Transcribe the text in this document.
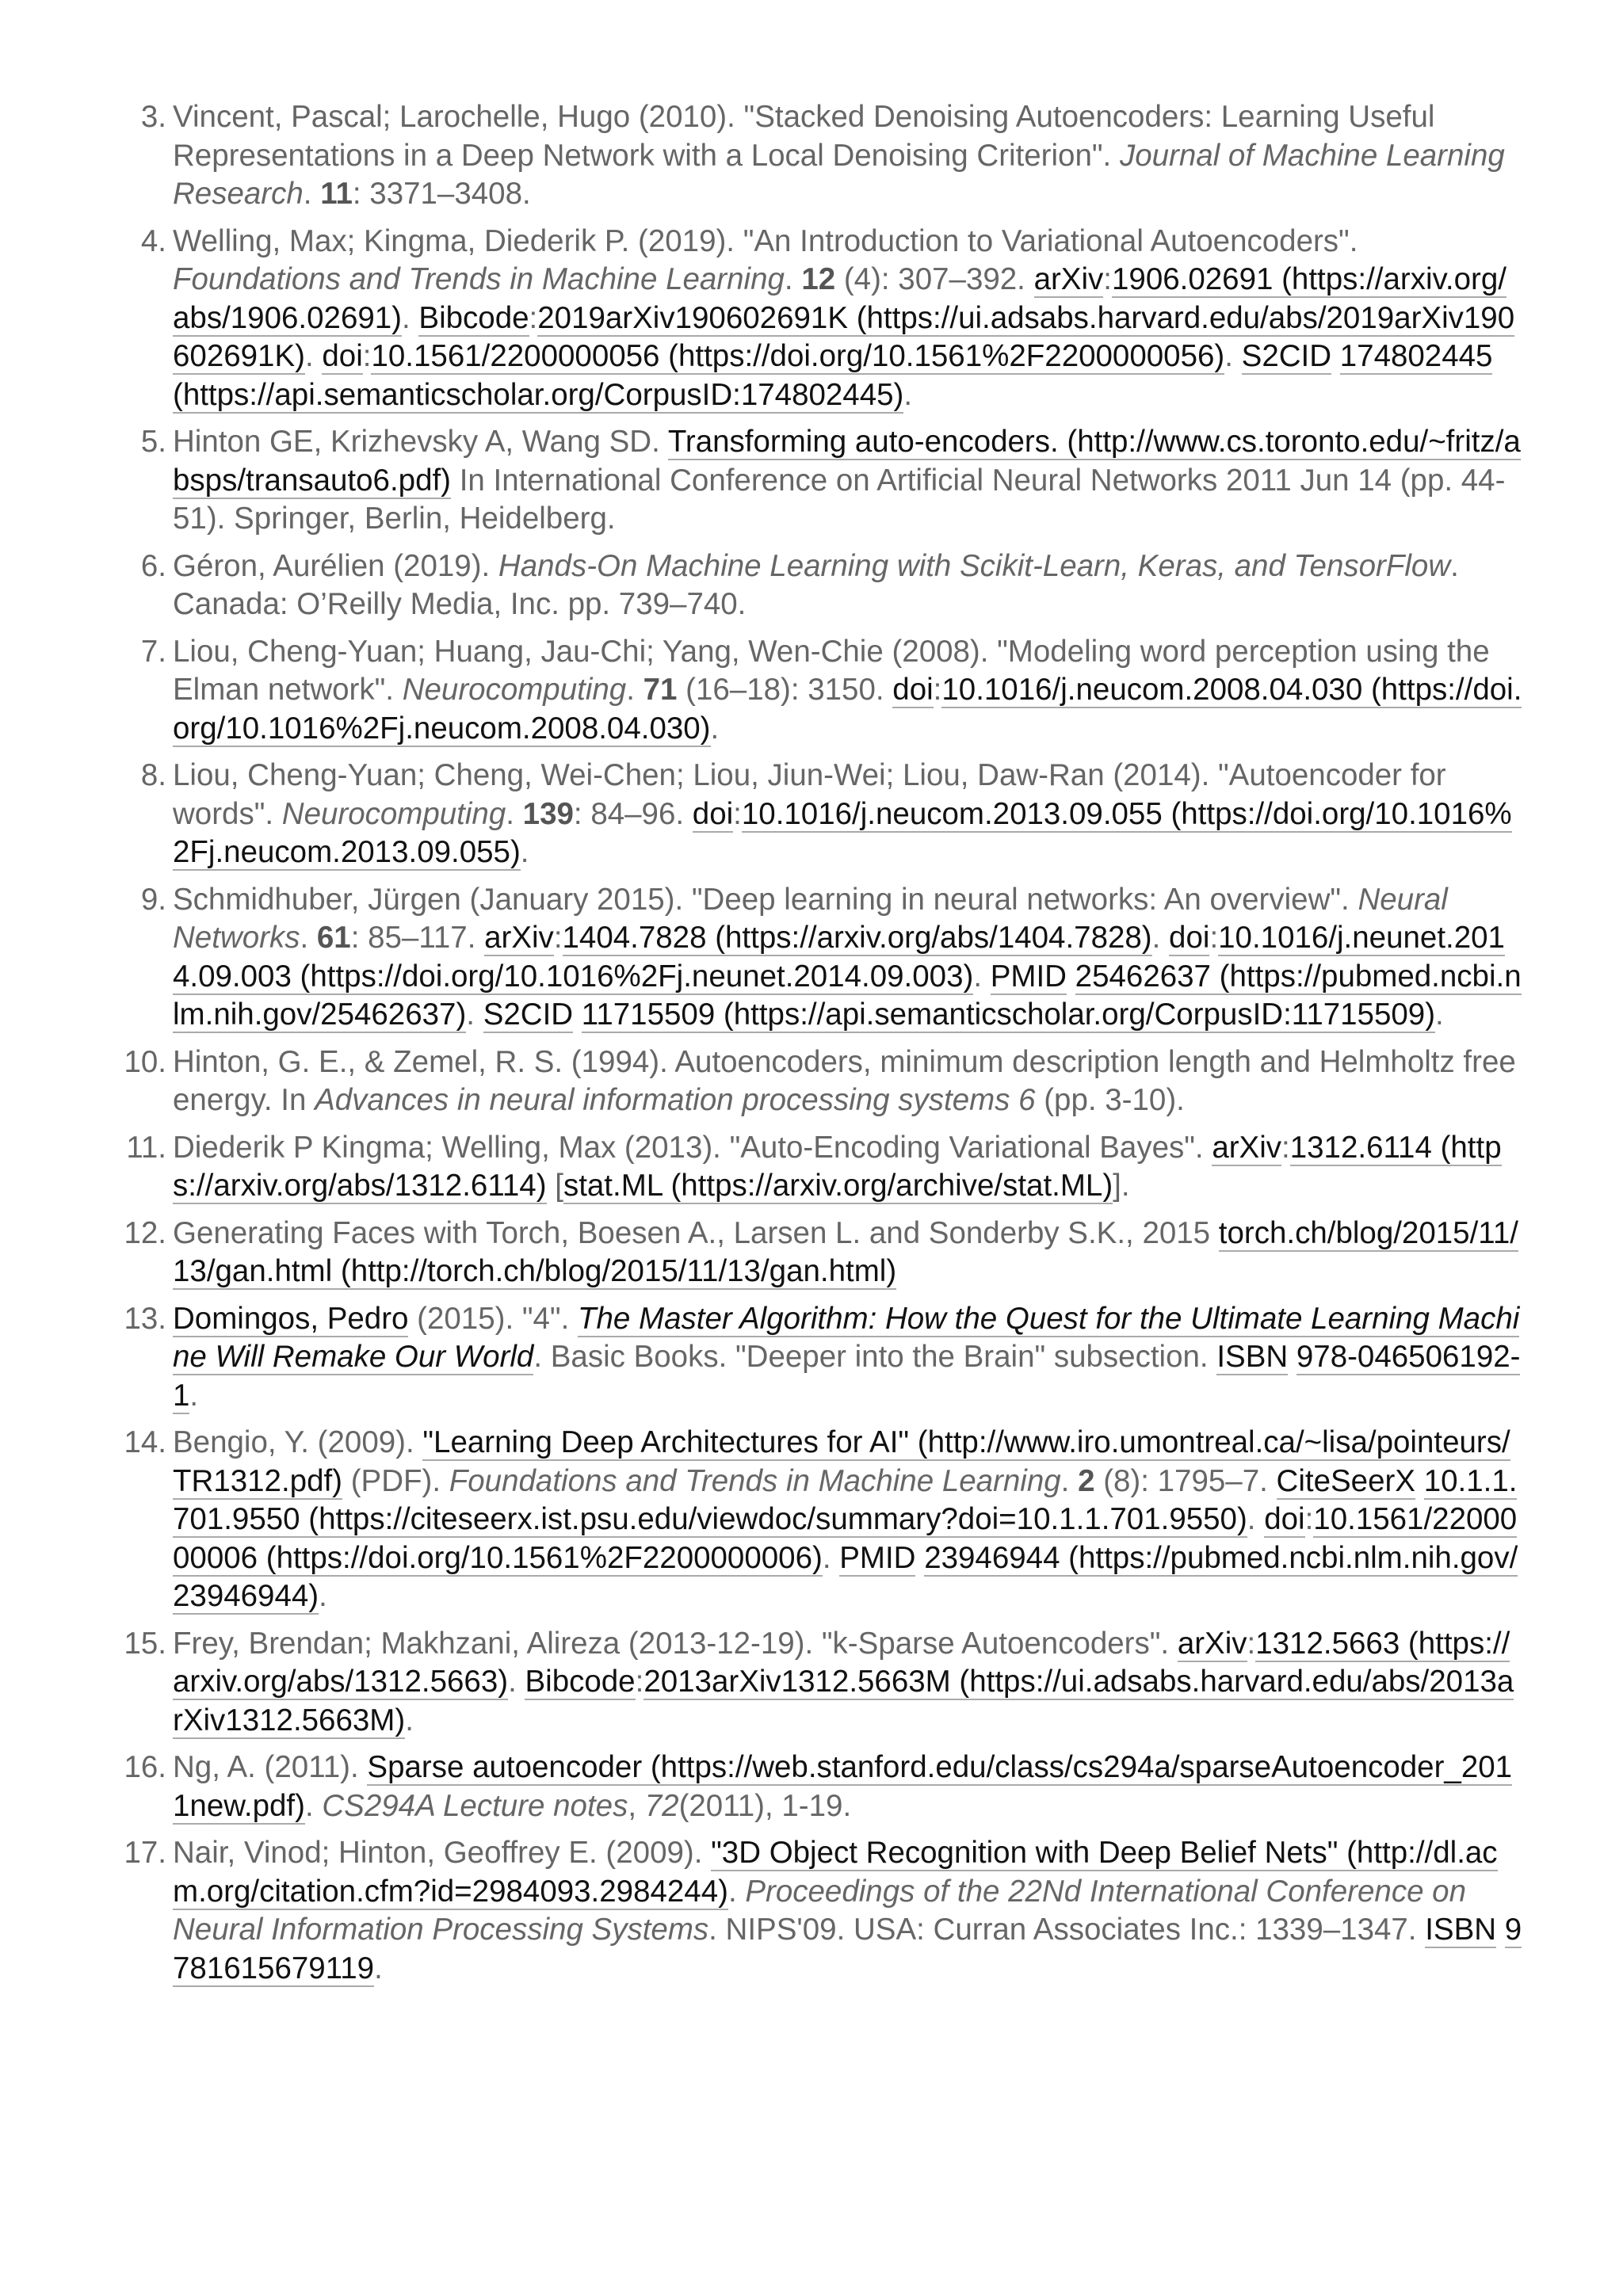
3. Vincent, Pascal; Larochelle, Hugo (2010). "Stacked Denoising Autoencoders: Learning Useful Representations in a Deep Network with a Local Denoising Criterion". Journal of Machine Learning Research. 11: 3371–3408.
4. Welling, Max; Kingma, Diederik P. (2019). "An Introduction to Variational Autoencoders". Foundations and Trends in Machine Learning. 12 (4): 307–392. arXiv:1906.02691 (https://arxiv.org/abs/1906.02691). Bibcode:2019arXiv190602691K (https://ui.adsabs.harvard.edu/abs/2019arXiv190602691K). doi:10.1561/2200000056 (https://doi.org/10.1561%2F2200000056). S2CID 174802445 (https://api.semanticscholar.org/CorpusID:174802445).
5. Hinton GE, Krizhevsky A, Wang SD. Transforming auto-encoders. (http://www.cs.toronto.edu/~fritz/absps/transauto6.pdf) In International Conference on Artificial Neural Networks 2011 Jun 14 (pp. 44-51). Springer, Berlin, Heidelberg.
6. Géron, Aurélien (2019). Hands-On Machine Learning with Scikit-Learn, Keras, and TensorFlow. Canada: O’Reilly Media, Inc. pp. 739–740.
7. Liou, Cheng-Yuan; Huang, Jau-Chi; Yang, Wen-Chie (2008). "Modeling word perception using the Elman network". Neurocomputing. 71 (16–18): 3150. doi:10.1016/j.neucom.2008.04.030 (https://doi.org/10.1016%2Fj.neucom.2008.04.030).
8. Liou, Cheng-Yuan; Cheng, Wei-Chen; Liou, Jiun-Wei; Liou, Daw-Ran (2014). "Autoencoder for words". Neurocomputing. 139: 84–96. doi:10.1016/j.neucom.2013.09.055 (https://doi.org/10.1016%2Fj.neucom.2013.09.055).
9. Schmidhuber, Jürgen (January 2015). "Deep learning in neural networks: An overview". Neural Networks. 61: 85–117. arXiv:1404.7828 (https://arxiv.org/abs/1404.7828). doi:10.1016/j.neunet.2014.09.003 (https://doi.org/10.1016%2Fj.neunet.2014.09.003). PMID 25462637 (https://pubmed.ncbi.nlm.nih.gov/25462637). S2CID 11715509 (https://api.semanticscholar.org/CorpusID:11715509).
10. Hinton, G. E., & Zemel, R. S. (1994). Autoencoders, minimum description length and Helmholtz free energy. In Advances in neural information processing systems 6 (pp. 3-10).
11. Diederik P Kingma; Welling, Max (2013). "Auto-Encoding Variational Bayes". arXiv:1312.6114 (https://arxiv.org/abs/1312.6114) [stat.ML (https://arxiv.org/archive/stat.ML)].
12. Generating Faces with Torch, Boesen A., Larsen L. and Sonderby S.K., 2015 torch.ch/blog/2015/11/13/gan.html (http://torch.ch/blog/2015/11/13/gan.html)
13. Domingos, Pedro (2015). "4". The Master Algorithm: How the Quest for the Ultimate Learning Machine Will Remake Our World. Basic Books. "Deeper into the Brain" subsection. ISBN 978-046506192-1.
14. Bengio, Y. (2009). "Learning Deep Architectures for AI" (http://www.iro.umontreal.ca/~lisa/pointeurs/TR1312.pdf) (PDF). Foundations and Trends in Machine Learning. 2 (8): 1795–7. CiteSeerX 10.1.1.701.9550 (https://citeseerx.ist.psu.edu/viewdoc/summary?doi=10.1.1.701.9550). doi:10.1561/2200000006 (https://doi.org/10.1561%2F2200000006). PMID 23946944 (https://pubmed.ncbi.nlm.nih.gov/23946944).
15. Frey, Brendan; Makhzani, Alireza (2013-12-19). "k-Sparse Autoencoders". arXiv:1312.5663 (https://arxiv.org/abs/1312.5663). Bibcode:2013arXiv1312.5663M (https://ui.adsabs.harvard.edu/abs/2013arXiv1312.5663M).
16. Ng, A. (2011). Sparse autoencoder (https://web.stanford.edu/class/cs294a/sparseAutoencoder_2011new.pdf). CS294A Lecture notes, 72(2011), 1-19.
17. Nair, Vinod; Hinton, Geoffrey E. (2009). "3D Object Recognition with Deep Belief Nets" (http://dl.acm.org/citation.cfm?id=2984093.2984244). Proceedings of the 22Nd International Conference on Neural Information Processing Systems. NIPS'09. USA: Curran Associates Inc.: 1339–1347. ISBN 9781615679119.
